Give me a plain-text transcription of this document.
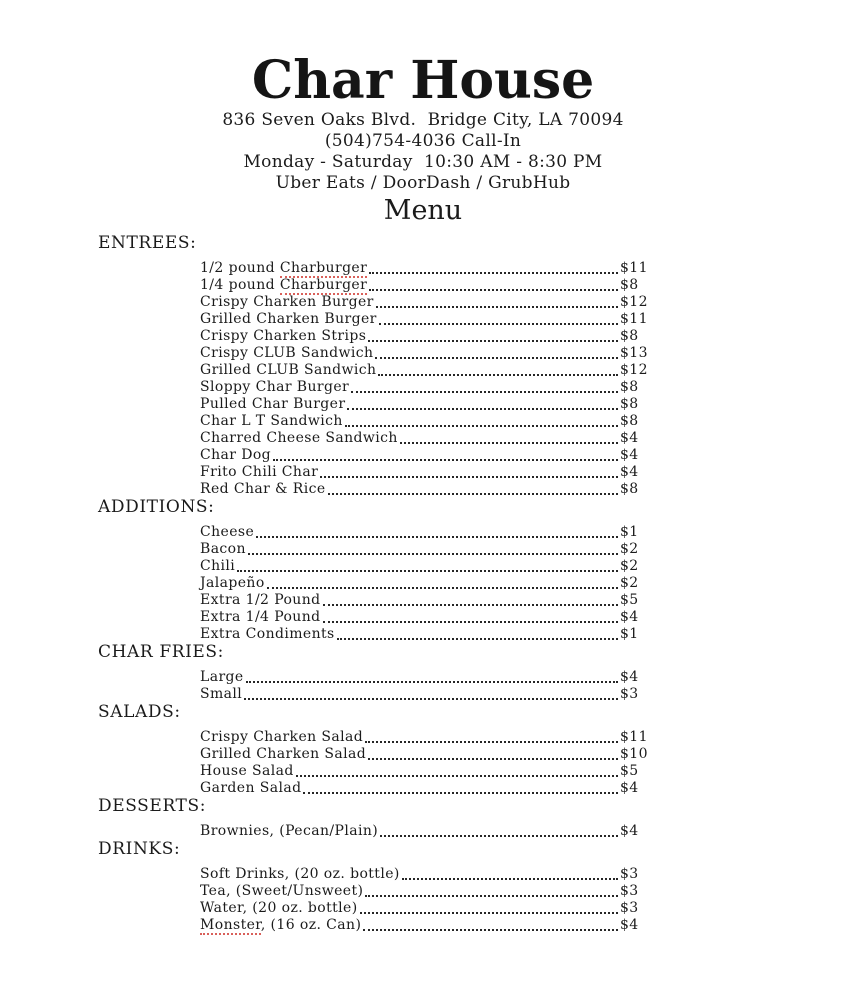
Char House
836 Seven Oaks Blvd.  Bridge City, LA 70094
(504)754-4036 Call-In
Monday - Saturday  10:30 AM - 8:30 PM
Uber Eats / DoorDash / GrubHub
Menu
ENTREES:
1/2 pound Charburger	$11
1/4 pound Charburger	$8
Crispy Charken Burger	$12
Grilled Charken Burger	$11
Crispy Charken Strips	$8
Crispy CLUB Sandwich	$13
Grilled CLUB Sandwich	$12
Sloppy Char Burger	$8
Pulled Char Burger	$8
Char L T Sandwich	$8
Charred Cheese Sandwich	$4
Char Dog	$4
Frito Chili Char	$4
Red Char & Rice	$8
ADDITIONS:
Cheese	$1
Bacon	$2
Chili	$2
Jalapeño	$2
Extra 1/2 Pound	$5
Extra 1/4 Pound	$4
Extra Condiments	$1
CHAR FRIES:
Large	$4
Small	$3
SALADS:
Crispy Charken Salad	$11
Grilled Charken Salad	$10
House Salad	$5
Garden Salad	$4
DESSERTS:
Brownies, (Pecan/Plain)	$4
DRINKS:
Soft Drinks, (20 oz. bottle)	$3
Tea, (Sweet/Unsweet)	$3
Water, (20 oz. bottle)	$3
Monster, (16 oz. Can)	$4
